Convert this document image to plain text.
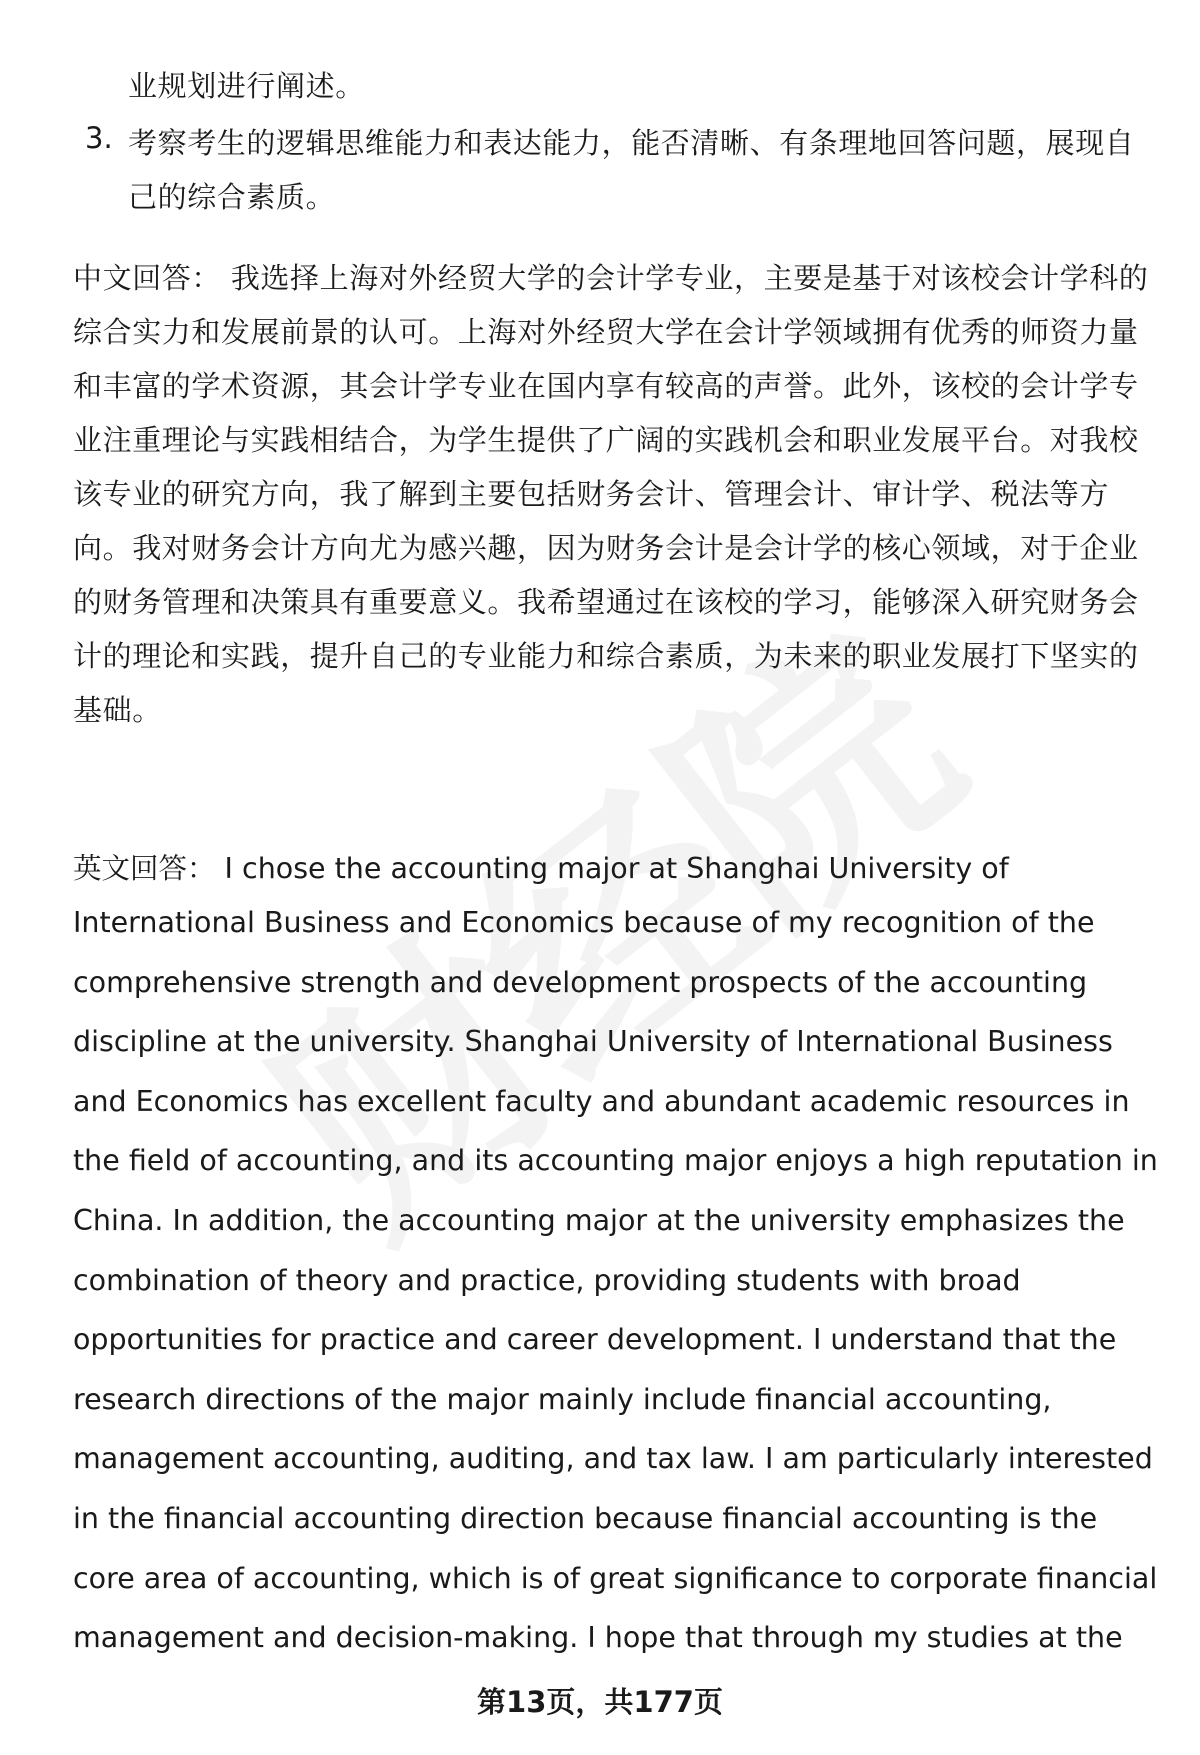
业规划进行阐述。
3. 考察考生的逻辑思维能力和表达能力，能否清晰、有条理地回答问题，展现自
己的综合素质。
中文回答： 我选择上海对外经贸大学的会计学专业，主要是基于对该校会计学科的
综合实力和发展前景的认可。上海对外经贸大学在会计学领域拥有优秀的师资力量
和丰富的学术资源，其会计学专业在国内享有较高的声誉。此外，该校的会计学专
业注重理论与实践相结合，为学生提供了广阔的实践机会和职业发展平台。对我校
该专业的研究方向，我了解到主要包括财务会计、管理会计、审计学、税法等方
向。我对财务会计方向尤为感兴趣，因为财务会计是会计学的核心领域，对于企业
的财务管理和决策具有重要意义。我希望通过在该校的学习，能够深入研究财务会
计的理论和实践，提升自己的专业能力和综合素质，为未来的职业发展打下坚实的
基础。
英文回答： I chose the accounting major at Shanghai University of
International Business and Economics because of my recognition of the
comprehensive strength and development prospects of the accounting
discipline at the university. Shanghai University of International Business
and Economics has excellent faculty and abundant academic resources in
the field of accounting, and its accounting major enjoys a high reputation in
China. In addition, the accounting major at the university emphasizes the
combination of theory and practice, providing students with broad
opportunities for practice and career development. I understand that the
research directions of the major mainly include financial accounting,
management accounting, auditing, and tax law. I am particularly interested
in the financial accounting direction because financial accounting is the
core area of accounting, which is of great significance to corporate financial
management and decision-making. I hope that through my studies at the
第13页，共177页
